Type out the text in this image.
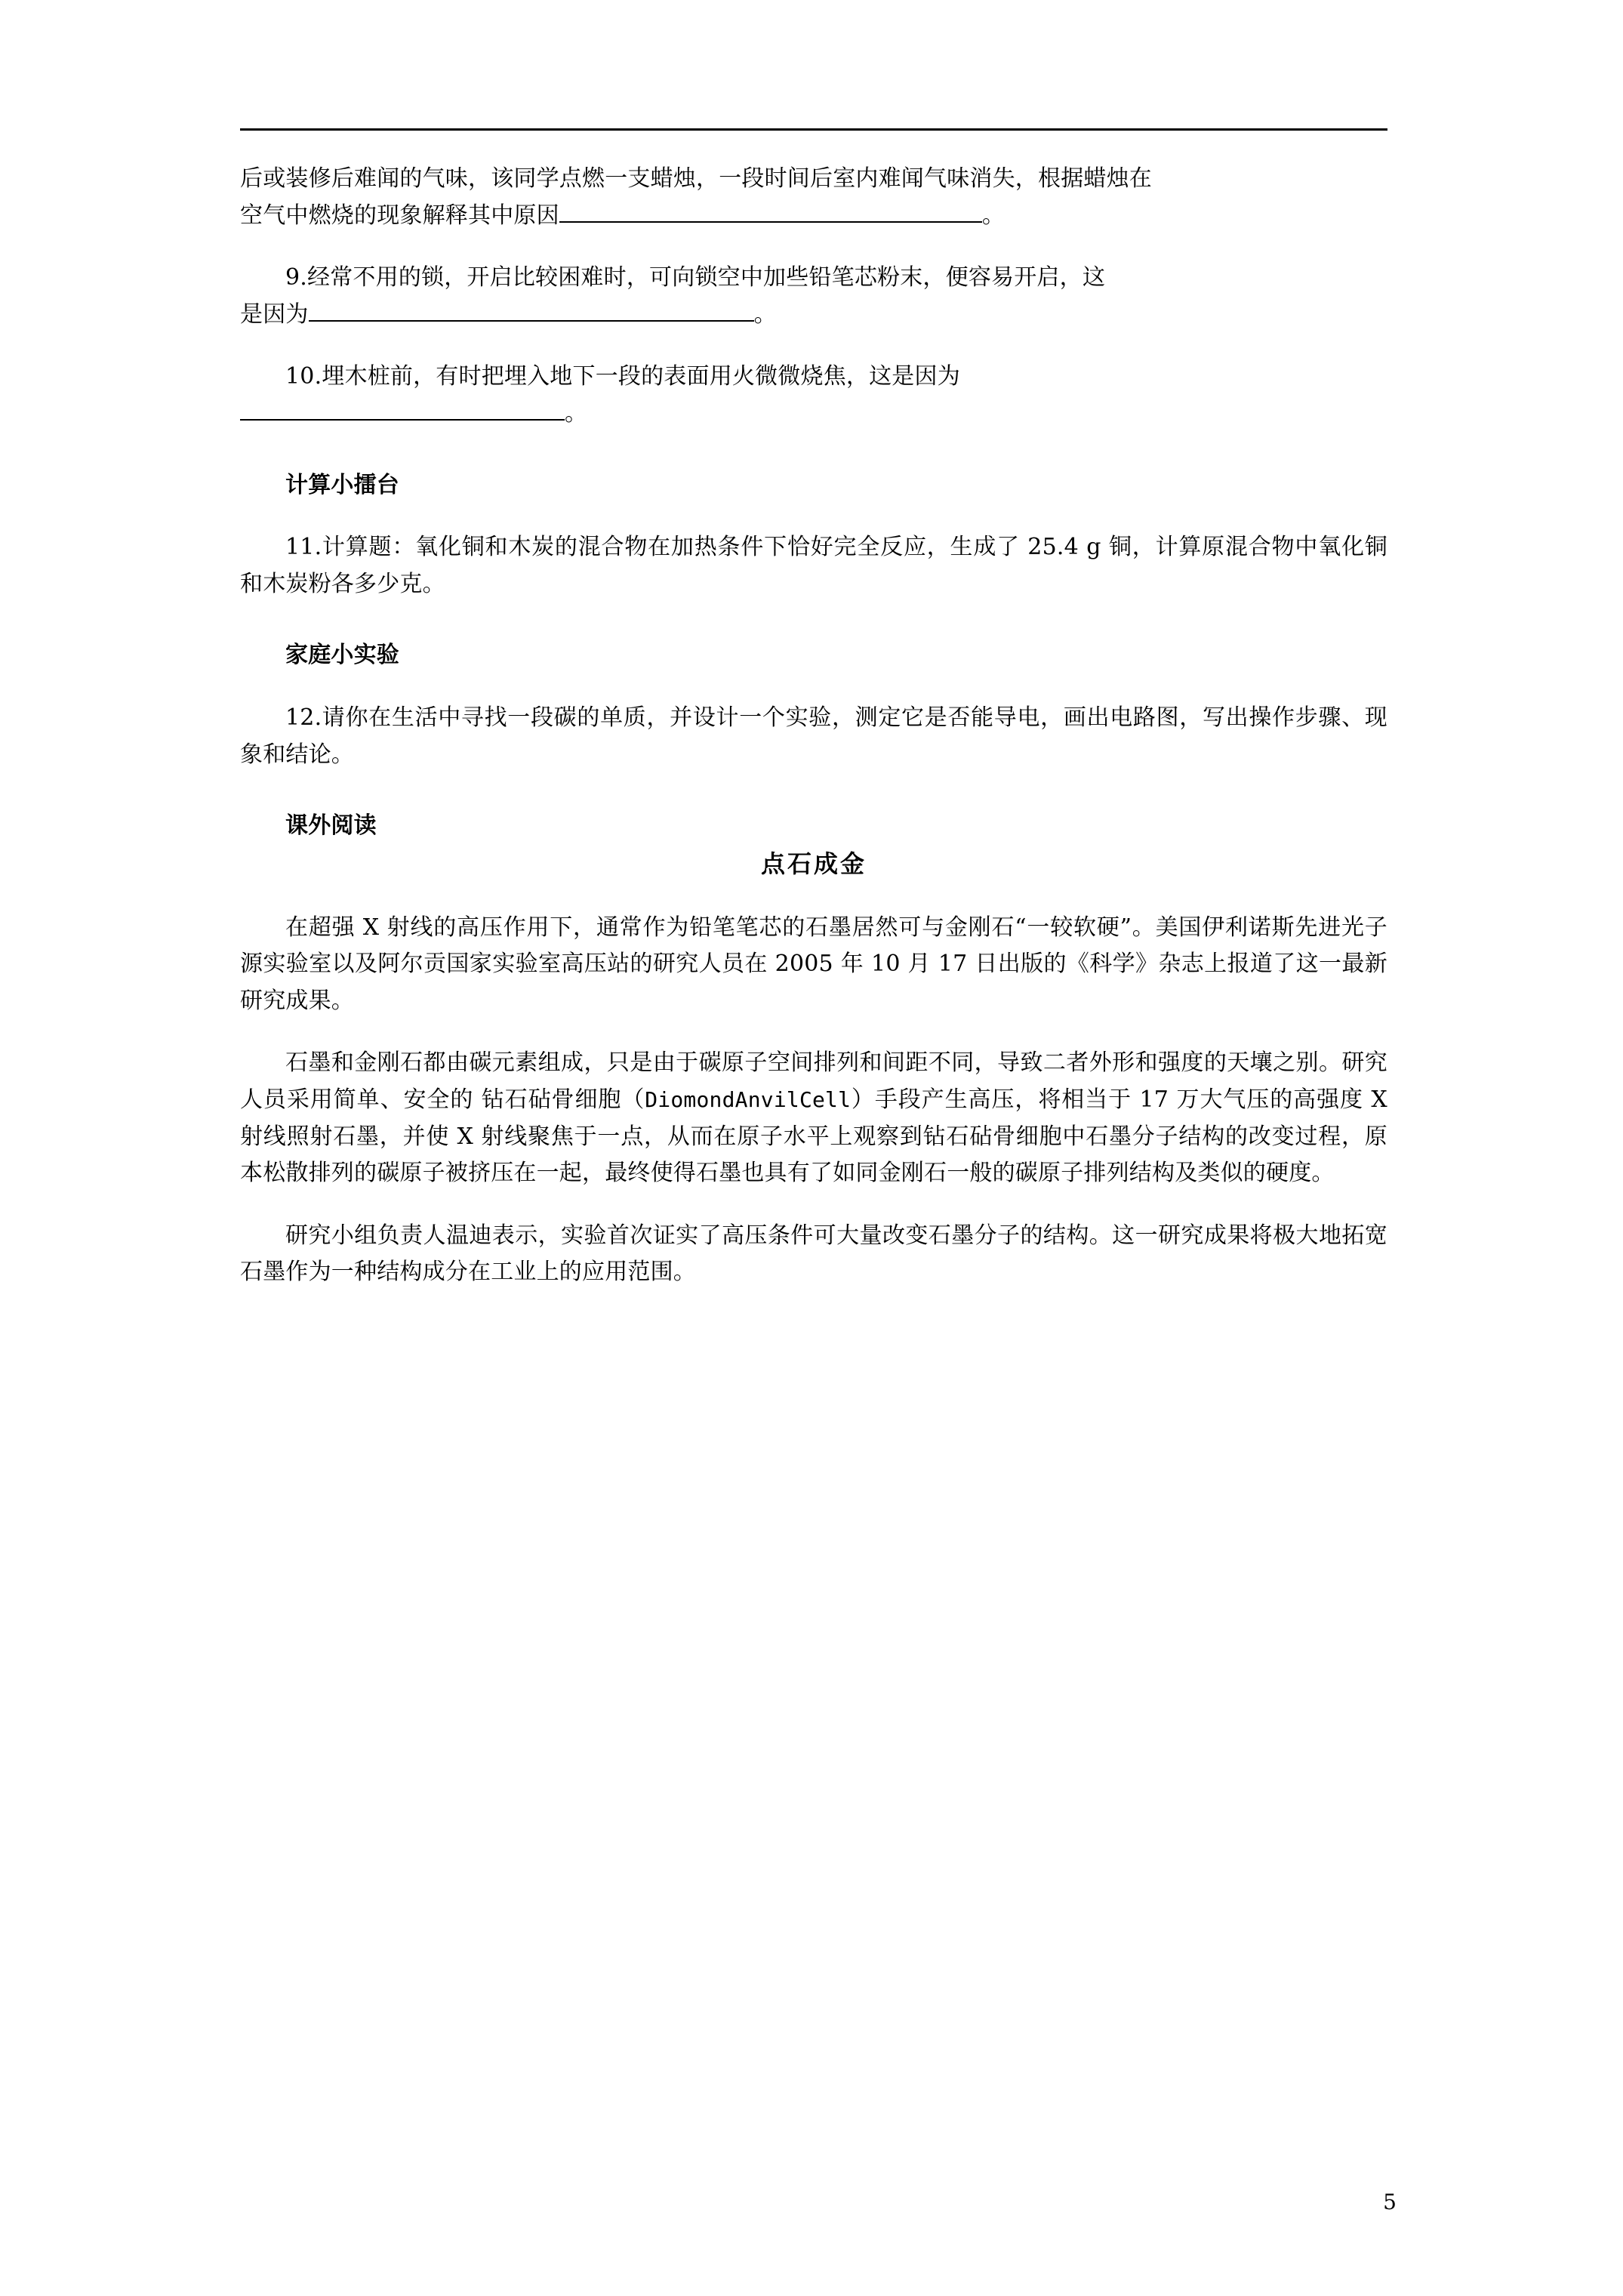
后或装修后难闻的气味，该同学点燃一支蜡烛，一段时间后室内难闻气味消失，根据蜡烛在
空气中燃烧的现象解释其中原因	。

9.经常不用的锁，开启比较困难时，可向锁空中加些铅笔芯粉末，便容易开启，这
是因为	。

10.埋木桩前，有时把埋入地下一段的表面用火微微烧焦，这是因为
。

计算小擂台

11.计算题：氧化铜和木炭的混合物在加热条件下恰好完全反应，生成了 25.4 g 铜，计算原混合物中氧化铜和木炭粉各多少克。

家庭小实验

12.请你在生活中寻找一段碳的单质，并设计一个实验，测定它是否能导电，画出电路图，写出操作步骤、现象和结论。

课外阅读

点石成金

在超强 X 射线的高压作用下，通常作为铅笔笔芯的石墨居然可与金刚石“一较软硬”。美国伊利诺斯先进光子源实验室以及阿尔贡国家实验室高压站的研究人员在 2005 年 10 月 17 日出版的《科学》杂志上报道了这一最新研究成果。

石墨和金刚石都由碳元素组成，只是由于碳原子空间排列和间距不同，导致二者外形和强度的天壤之别。研究人员采用简单、安全的 钻石砧骨细胞（DiomondAnvilCell）手段产生高压，将相当于 17 万大气压的高强度 X 射线照射石墨，并使 X 射线聚焦于一点，从而在原子水平上观察到钻石砧骨细胞中石墨分子结构的改变过程，原本松散排列的碳原子被挤压在一起，最终使得石墨也具有了如同金刚石一般的碳原子排列结构及类似的硬度。

研究小组负责人温迪表示，实验首次证实了高压条件可大量改变石墨分子的结构。这一研究成果将极大地拓宽石墨作为一种结构成分在工业上的应用范围。

5
